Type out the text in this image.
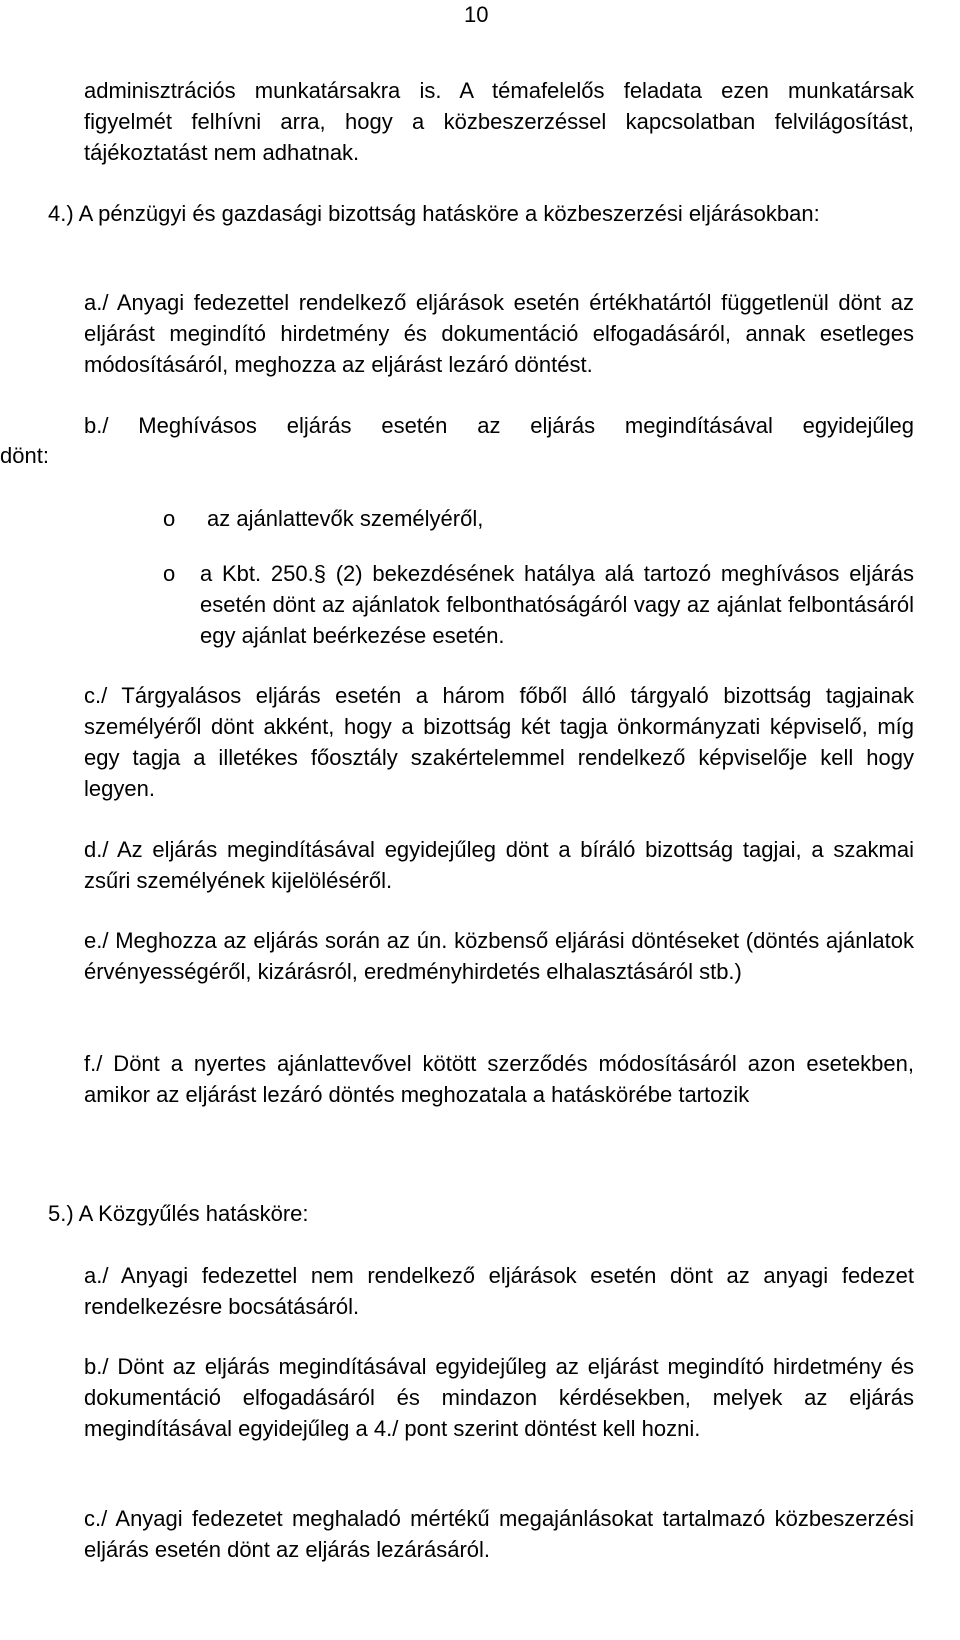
10

adminisztrációs munkatársakra is. A témafelelős feladata ezen munkatársak figyelmét felhívni arra, hogy a közbeszerzéssel kapcsolatban felvilágosítást, tájékoztatást nem adhatnak.

4.) A pénzügyi és gazdasági bizottság hatásköre a közbeszerzési eljárásokban:

a./ Anyagi fedezettel rendelkező eljárások esetén értékhatártól függetlenül dönt az eljárást megindító hirdetmény és dokumentáció elfogadásáról, annak esetleges módosításáról, meghozza az eljárást lezáró döntést.

b./ Meghívásos eljárás esetén az eljárás megindításával egyidejűleg

dönt:

o az ajánlattevők személyéről,
o a Kbt. 250.§ (2) bekezdésének hatálya alá tartozó meghívásos eljárás esetén dönt az ajánlatok felbonthatóságáról vagy az ajánlat felbontásáról egy ajánlat beérkezése esetén.

c./ Tárgyalásos eljárás esetén a három főből álló tárgyaló bizottság tagjainak személyéről dönt akként, hogy a bizottság két tagja önkormányzati képviselő, míg egy tagja a illetékes főosztály szakértelemmel rendelkező képviselője kell hogy legyen.

d./ Az eljárás megindításával egyidejűleg dönt a bíráló bizottság tagjai, a szakmai zsűri személyének kijelöléséről.

e./ Meghozza az eljárás során az ún. közbenső eljárási döntéseket (döntés ajánlatok érvényességéről, kizárásról, eredményhirdetés elhalasztásáról stb.)

f./ Dönt a nyertes ajánlattevővel kötött szerződés módosításáról azon esetekben, amikor az eljárást lezáró döntés meghozatala a hatáskörébe tartozik

5.) A Közgyűlés hatásköre:

a./ Anyagi fedezettel nem rendelkező eljárások esetén dönt az anyagi fedezet rendelkezésre bocsátásáról.

b./ Dönt az eljárás megindításával egyidejűleg az eljárást megindító hirdetmény és dokumentáció elfogadásáról és mindazon kérdésekben, melyek az eljárás megindításával egyidejűleg a 4./ pont szerint döntést kell hozni.

c./ Anyagi fedezetet meghaladó mértékű megajánlásokat tartalmazó közbeszerzési eljárás esetén dönt az eljárás lezárásáról.
